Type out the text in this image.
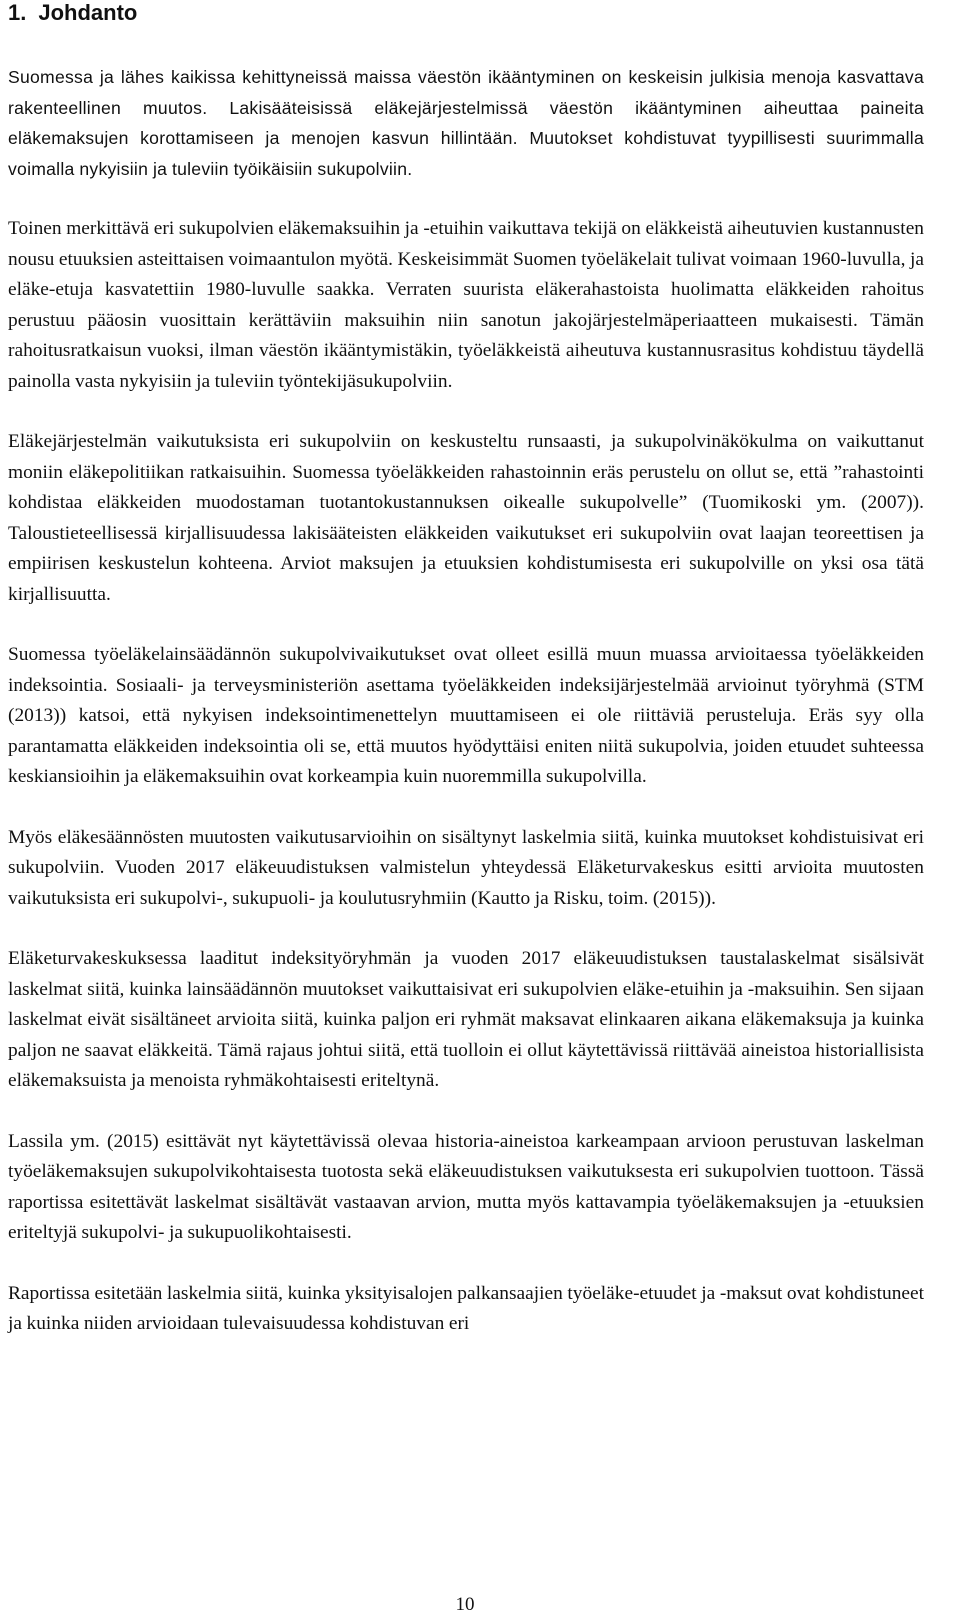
1. Johdanto

Suomessa ja lähes kaikissa kehittyneissä maissa väestön ikääntyminen on keskeisin julkisia menoja kasvattava rakenteellinen muutos. Lakisääteisissä eläkejärjestelmissä väestön ikääntyminen aiheuttaa paineita eläkemaksujen korottamiseen ja menojen kasvun hillintään. Muutokset kohdistuvat tyypillisesti suurimmalla voimalla nykyisiin ja tuleviin työikäisiin sukupolviin.

Toinen merkittävä eri sukupolvien eläkemaksuihin ja -etuihin vaikuttava tekijä on eläkkeistä aiheutuvien kustannusten nousu etuuksien asteittaisen voimaantulon myötä. Keskeisimmät Suomen työeläkelait tulivat voimaan 1960-luvulla, ja eläke-etuja kasvatettiin 1980-luvulle saakka. Verraten suurista eläkerahastoista huolimatta eläkkeiden rahoitus perustuu pääosin vuosittain kerättäviin maksuihin niin sanotun jakojärjestelmäperiaatteen mukaisesti. Tämän rahoitusratkaisun vuoksi, ilman väestön ikääntymistäkin, työeläkkeistä aiheutuva kustannusrasitus kohdistuu täydellä painolla vasta nykyisiin ja tuleviin työntekijäsukupolviin.

Eläkejärjestelmän vaikutuksista eri sukupolviin on keskusteltu runsaasti, ja sukupolvinäkökulma on vaikuttanut moniin eläkepolitiikan ratkaisuihin. Suomessa työeläkkeiden rahastoinnin eräs perustelu on ollut se, että ”rahastointi kohdistaa eläkkeiden muodostaman tuotantokustannuksen oikealle sukupolvelle” (Tuomikoski ym. (2007)). Taloustieteellisessä kirjallisuudessa lakisääteisten eläkkeiden vaikutukset eri sukupolviin ovat laajan teoreettisen ja empiirisen keskustelun kohteena. Arviot maksujen ja etuuksien kohdistumisesta eri sukupolville on yksi osa tätä kirjallisuutta.

Suomessa työeläkelainsäädännön sukupolvivaikutukset ovat olleet esillä muun muassa arvioitaessa työeläkkeiden indeksointia. Sosiaali- ja terveysministeriön asettama työeläkkeiden indeksijärjestelmää arvioinut työryhmä (STM (2013)) katsoi, että nykyisen indeksointimenettelyn muuttamiseen ei ole riittäviä perusteluja. Eräs syy olla parantamatta eläkkeiden indeksointia oli se, että muutos hyödyttäisi eniten niitä sukupolvia, joiden etuudet suhteessa keskiansioihin ja eläkemaksuihin ovat korkeampia kuin nuoremmilla sukupolvilla.

Myös eläkesäännösten muutosten vaikutusarvioihin on sisältynyt laskelmia siitä, kuinka muutokset kohdistuisivat eri sukupolviin. Vuoden 2017 eläkeuudistuksen valmistelun yhteydessä Eläketurvakeskus esitti arvioita muutosten vaikutuksista eri sukupolvi-, sukupuoli- ja koulutusryhmiin (Kautto ja Risku, toim. (2015)).

Eläketurvakeskuksessa laaditut indeksityöryhmän ja vuoden 2017 eläkeuudistuksen taustalaskelmat sisälsivät laskelmat siitä, kuinka lainsäädännön muutokset vaikuttaisivat eri sukupolvien eläke-etuihin ja -maksuihin. Sen sijaan laskelmat eivät sisältäneet arvioita siitä, kuinka paljon eri ryhmät maksavat elinkaaren aikana eläkemaksuja ja kuinka paljon ne saavat eläkkeitä. Tämä rajaus johtui siitä, että tuolloin ei ollut käytettävissä riittävää aineistoa historiallisista eläkemaksuista ja menoista ryhmäkohtaisesti eriteltynä.

Lassila ym. (2015) esittävät nyt käytettävissä olevaa historia-aineistoa karkeampaan arvioon perustuvan laskelman työeläkemaksujen sukupolvikohtaisesta tuotosta sekä eläkeuudistuksen vaikutuksesta eri sukupolvien tuottoon. Tässä raportissa esitettävät laskelmat sisältävät vastaavan arvion, mutta myös kattavampia työeläkemaksujen ja -etuuksien eriteltyjä sukupolvi- ja sukupuolikohtaisesti.

Raportissa esitetään laskelmia siitä, kuinka yksityisalojen palkansaajien työeläke-etuudet ja -maksut ovat kohdistuneet ja kuinka niiden arvioidaan tulevaisuudessa kohdistuvan eri

10
